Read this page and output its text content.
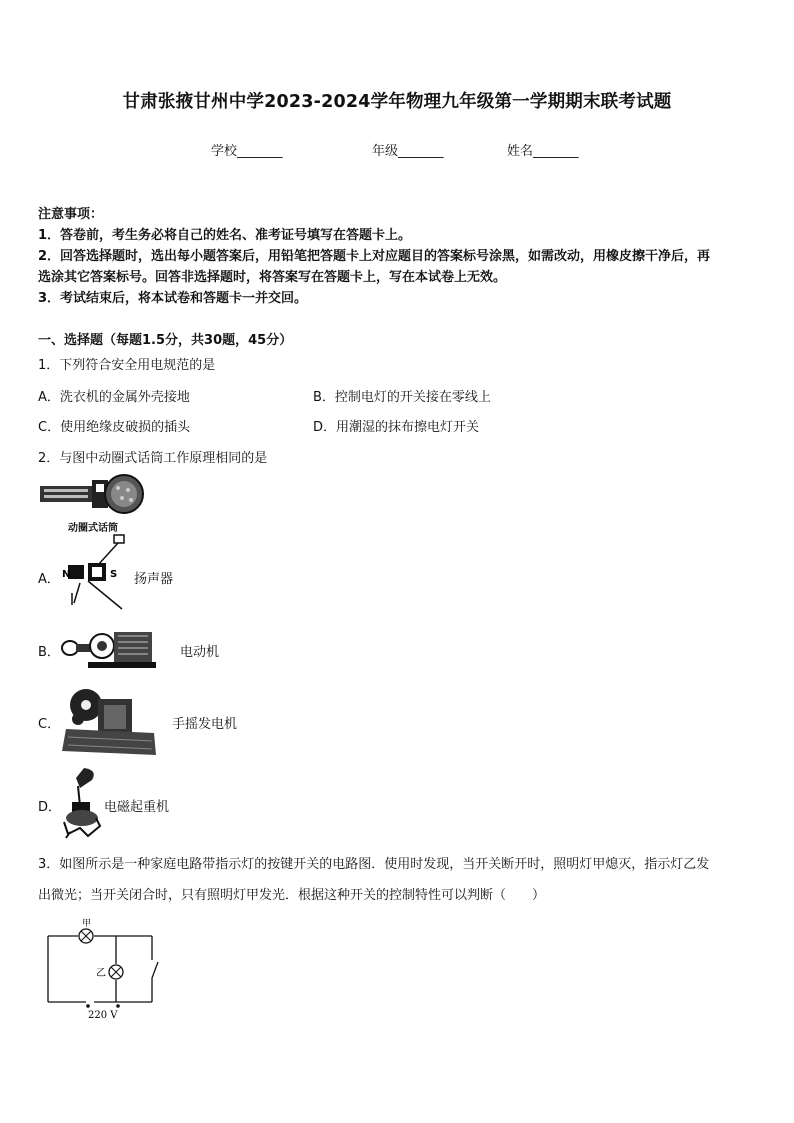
甘肃张掖甘州中学2023-2024学年物理九年级第一学期期末联考试题
学校_______	年级_______	姓名_______
注意事项：
1．答卷前，考生务必将自己的姓名、准考证号填写在答题卡上。
2．回答选择题时，选出每小题答案后，用铅笔把答题卡上对应题目的答案标号涂黑，如需改动，用橡皮擦干净后，再
选涂其它答案标号。回答非选择题时，将答案写在答题卡上，写在本试卷上无效。
3．考试结束后，将本试卷和答题卡一并交回。
一、选择题（每题1.5分，共30题，45分）
1．下列符合安全用电规范的是
A．洗衣机的金属外壳接地	B．控制电灯的开关接在零线上
C．使用绝缘皮破损的插头	D．用潮湿的抹布擦电灯开关
2．与图中动圈式话筒工作原理相同的是
动圈式话筒
A． N	S 扬声器
B．	电动机
C．	手摇发电机
D．	电磁起重机
3．如图所示是一种家庭电路带指示灯的按键开关的电路图．使用时发现，当开关断开时，照明灯甲熄灭，指示灯乙发
出微光；当开关闭合时，只有照明灯甲发光．根据这种开关的控制特性可以判断（　　）
甲
乙
220 V
